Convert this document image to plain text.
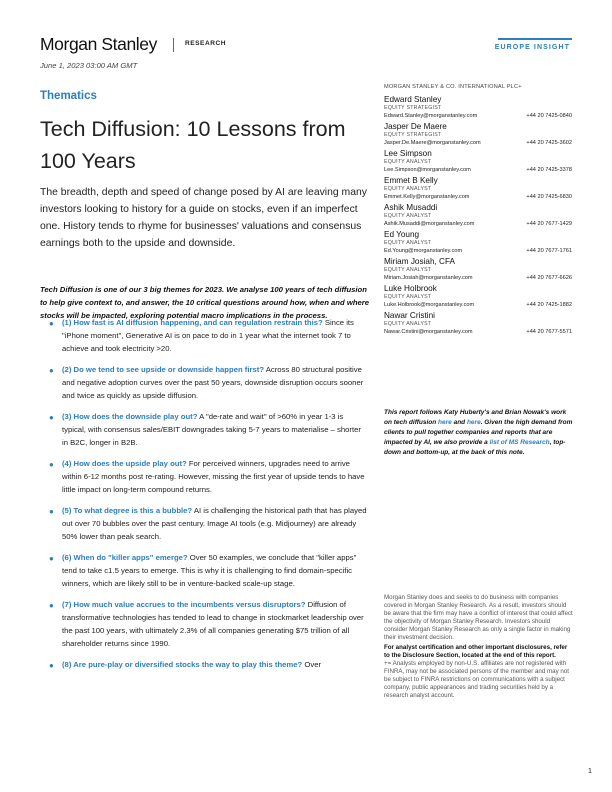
Morgan Stanley	RESEARCH
EUROPE INSIGHT
June 1, 2023 03:00 AM GMT
Thematics
Tech Diffusion: 10 Lessons from 100 Years

The breadth, depth and speed of change posed by AI are leaving many investors looking to history for a guide on stocks, even if an imperfect one. History tends to rhyme for businesses' valuations and consensus earnings both to the upside and downside.

Tech Diffusion is one of our 3 big themes for 2023. We analyse 100 years of tech diffusion to help give context to, and answer, the 10 critical questions around how, when and where stocks will be impacted, exploring potential macro implications in the process.

● (1) How fast is AI diffusion happening, and can regulation restrain this? Since its "iPhone moment", Generative AI is on pace to do in 1 year what the internet took 7 to achieve and took electricity >20.
● (2) Do we tend to see upside or downside happen first? Across 80 structural positive and negative adoption curves over the past 50 years, downside disruption occurs sooner and twice as quickly as upside diffusion.
● (3) How does the downside play out? A "de-rate and wait" of >60% in year 1-3 is typical, with consensus sales/EBIT downgrades taking 5-7 years to materialise – shorter in B2C, longer in B2B.
● (4) How does the upside play out? For perceived winners, upgrades need to arrive within 6-12 months post re-rating. However, missing the first year of upside tends to have little impact on long-term compound returns.
● (5) To what degree is this a bubble? AI is challenging the historical path that has played out over 70 bubbles over the past century. Image AI tools (e.g. Midjourney) are already 50% lower than peak search.
● (6) When do "killer apps" emerge? Over 50 examples, we conclude that "killer apps" tend to take c1.5 years to emerge. This is why it is challenging to find domain-specific winners, which are likely still to be in venture-backed scale-up stage.
● (7) How much value accrues to the incumbents versus disruptors? Diffusion of transformative technologies has tended to lead to change in stockmarket leadership over the past 100 years, with ultimately 2.3% of all companies generating $75 trillion of all shareholder returns since 1990.
● (8) Are pure-play or diversified stocks the way to play this theme? Over
MORGAN STANLEY & CO. INTERNATIONAL PLC+
Edward Stanley
EQUITY STRATEGIST
Edward.Stanley@morganstanley.com	+44 20 7425-0840
Jasper De Maere
EQUITY STRATEGIST
Jasper.De.Maere@morganstanley.com	+44 20 7425-3602
Lee Simpson
EQUITY ANALYST
Lee.Simpson@morganstanley.com	+44 20 7425-3378
Emmet B Kelly
EQUITY ANALYST
Emmet.Kelly@morganstanley.com	+44 20 7425-6830
Ashik Musaddi
EQUITY ANALYST
Ashik.Musaddi@morganstanley.com	+44 20 7677-1429
Ed Young
EQUITY ANALYST
Ed.Young@morganstanley.com	+44 20 7677-1761
Miriam Josiah, CFA
EQUITY ANALYST
Miriam.Josiah@morganstanley.com	+44 20 7677-6626
Luke Holbrook
EQUITY ANALYST
Luke.Holbrook@morganstanley.com	+44 20 7425-1882
Nawar Cristini
EQUITY ANALYST
Nawar.Cristini@morganstanley.com	+44 20 7677-5571

This report follows Katy Huberty's and Brian Nowak's work on tech diffusion here and here. Given the high demand from clients to pull together companies and reports that are impacted by AI, we also provide a list of MS Research, top-down and bottom-up, at the back of this note.

Morgan Stanley does and seeks to do business with companies covered in Morgan Stanley Research. As a result, investors should be aware that the firm may have a conflict of interest that could affect the objectivity of Morgan Stanley Research. Investors should consider Morgan Stanley Research as only a single factor in making their investment decision.

For analyst certification and other important disclosures, refer to the Disclosure Section, located at the end of this report.

+= Analysts employed by non-U.S. affiliates are not registered with FINRA, may not be associated persons of the member and may not be subject to FINRA restrictions on communications with a subject company, public appearances and trading securities held by a research analyst account.

1
